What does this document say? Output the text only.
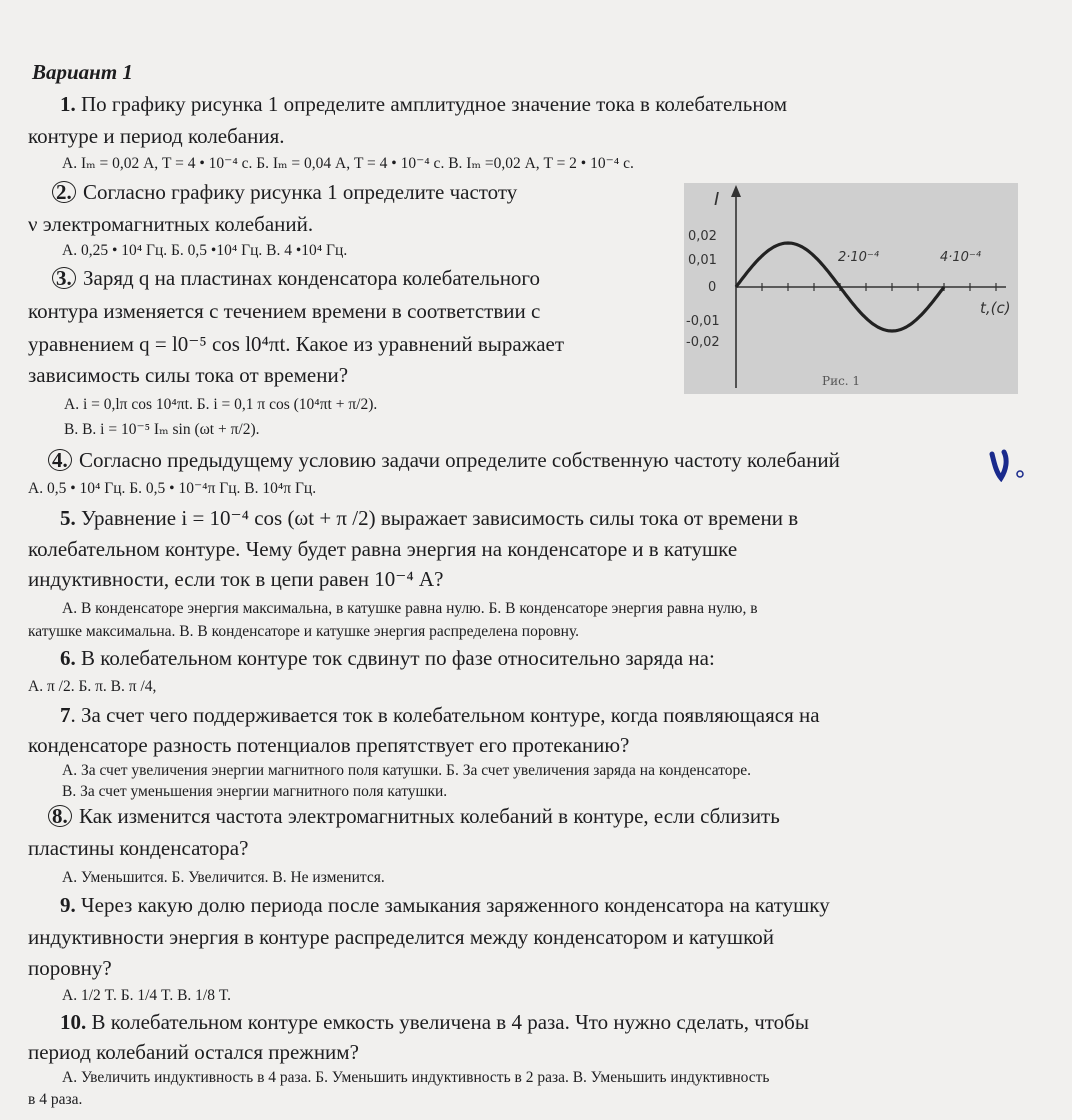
Вариант 1
1. По графику рисунка 1 определите амплитудное значение тока в колебательном
контуре и период колебания.
А. Iₘ = 0,02 А, T = 4 • 10⁻⁴ с. Б. Iₘ = 0,04 А, T = 4 • 10⁻⁴ с. В. Iₘ =0,02 А, T = 2 • 10⁻⁴ с.
2. Согласно графику рисунка 1 определите частоту
ν электромагнитных колебаний.
А. 0,25 • 10⁴ Гц. Б. 0,5 •10⁴ Гц. В. 4 •10⁴ Гц.
3. Заряд q на пластинах конденсатора колебательного
контура изменяется с течением времени в соответствии с
уравнением q = l0⁻⁵ cos l0⁴πt. Какое из уравнений выражает
зависимость силы тока от времени?
А. i = 0,lπ cos 10⁴πt. Б. i = 0,1 π cos (10⁴πt + π/2).
В. В. i = 10⁻⁵ Iₘ sin (ωt + π/2).
4. Согласно предыдущему условию задачи определите собственную частоту колебаний
А. 0,5 • 10⁴ Гц. Б. 0,5 • 10⁻⁴π Гц. В. 10⁴π Гц.
5. Уравнение i = 10⁻⁴ cos (ωt + π /2) выражает зависимость силы тока от времени в
колебательном контуре. Чему будет равна энергия на конденсаторе и в катушке
индуктивности, если ток в цепи равен 10⁻⁴ А?
А. В конденсаторе энергия максимальна, в катушке равна нулю. Б. В конденсаторе энергия равна нулю, в
катушке максимальна. В. В конденсаторе и катушке энергия распределена поровну.
6. В колебательном контуре ток сдвинут по фазе относительно заряда на:
А. π /2. Б. π. В. π /4,
7. За счет чего поддерживается ток в колебательном контуре, когда появляющаяся на
конденсаторе разность потенциалов препятствует его протеканию?
А. За счет увеличения энергии магнитного поля катушки. Б. За счет увеличения заряда на конденсаторе.
В. За счет уменьшения энергии магнитного поля катушки.
8. Как изменится частота электромагнитных колебаний в контуре, если сблизить
пластины конденсатора?
А. Уменьшится. Б. Увеличится. В. Не изменится.
9. Через какую долю периода после замыкания заряженного конденсатора на катушку
индуктивности энергия в контуре распределится между конденсатором и катушкой
поровну?
А. 1/2 T. Б. 1/4 T. В. 1/8 T.
10. В колебательном контуре емкость увеличена в 4 раза. Что нужно сделать, чтобы
период колебаний остался прежним?
А. Увеличить индуктивность в 4 раза. Б. Уменьшить индуктивность в 2 раза. В. Уменьшить индуктивность
в 4 раза.
I
0,02
0,01
0
-0,01
-0,02
2·10⁻⁴	4·10⁻⁴
t,(с)
Рис. 1
